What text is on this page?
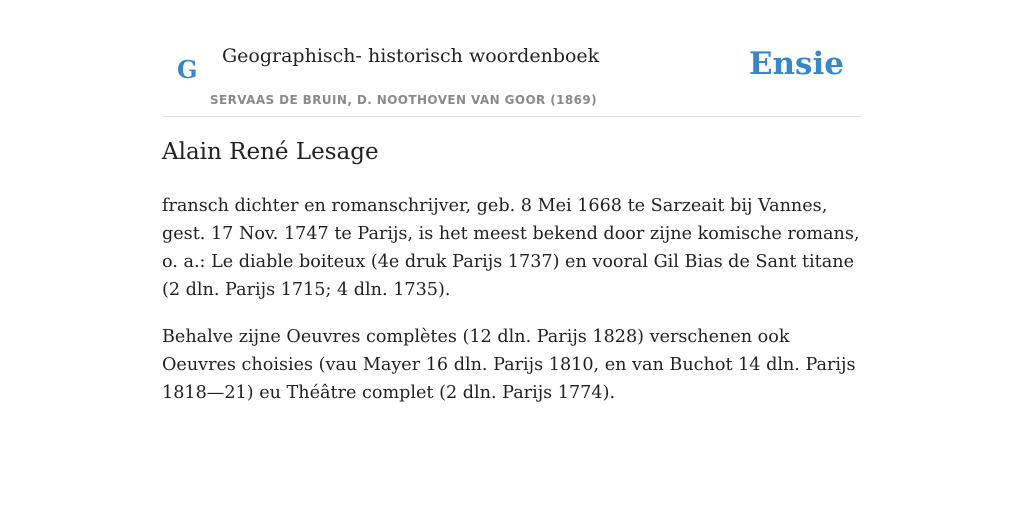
G Geographisch- historisch woordenboek
SERVAAS DE BRUIN, D. NOOTHOVEN VAN GOOR (1869)
Ensie
Alain René Lesage

fransch dichter en romanschrijver, geb. 8 Mei 1668 te Sarzeait bij Vannes, gest. 17 Nov. 1747 te Parijs, is het meest bekend door zijne komische romans, o. a.: Le diable boiteux (4e druk Parijs 1737) en vooral Gil Bias de Sant titane (2 dln. Parijs 1715; 4 dln. 1735).

Behalve zijne Oeuvres complètes (12 dln. Parijs 1828) verschenen ook Oeuvres choisies (vau Mayer 16 dln. Parijs 1810, en van Buchot 14 dln. Parijs 1818—21) eu Théâtre complet (2 dln. Parijs 1774).
